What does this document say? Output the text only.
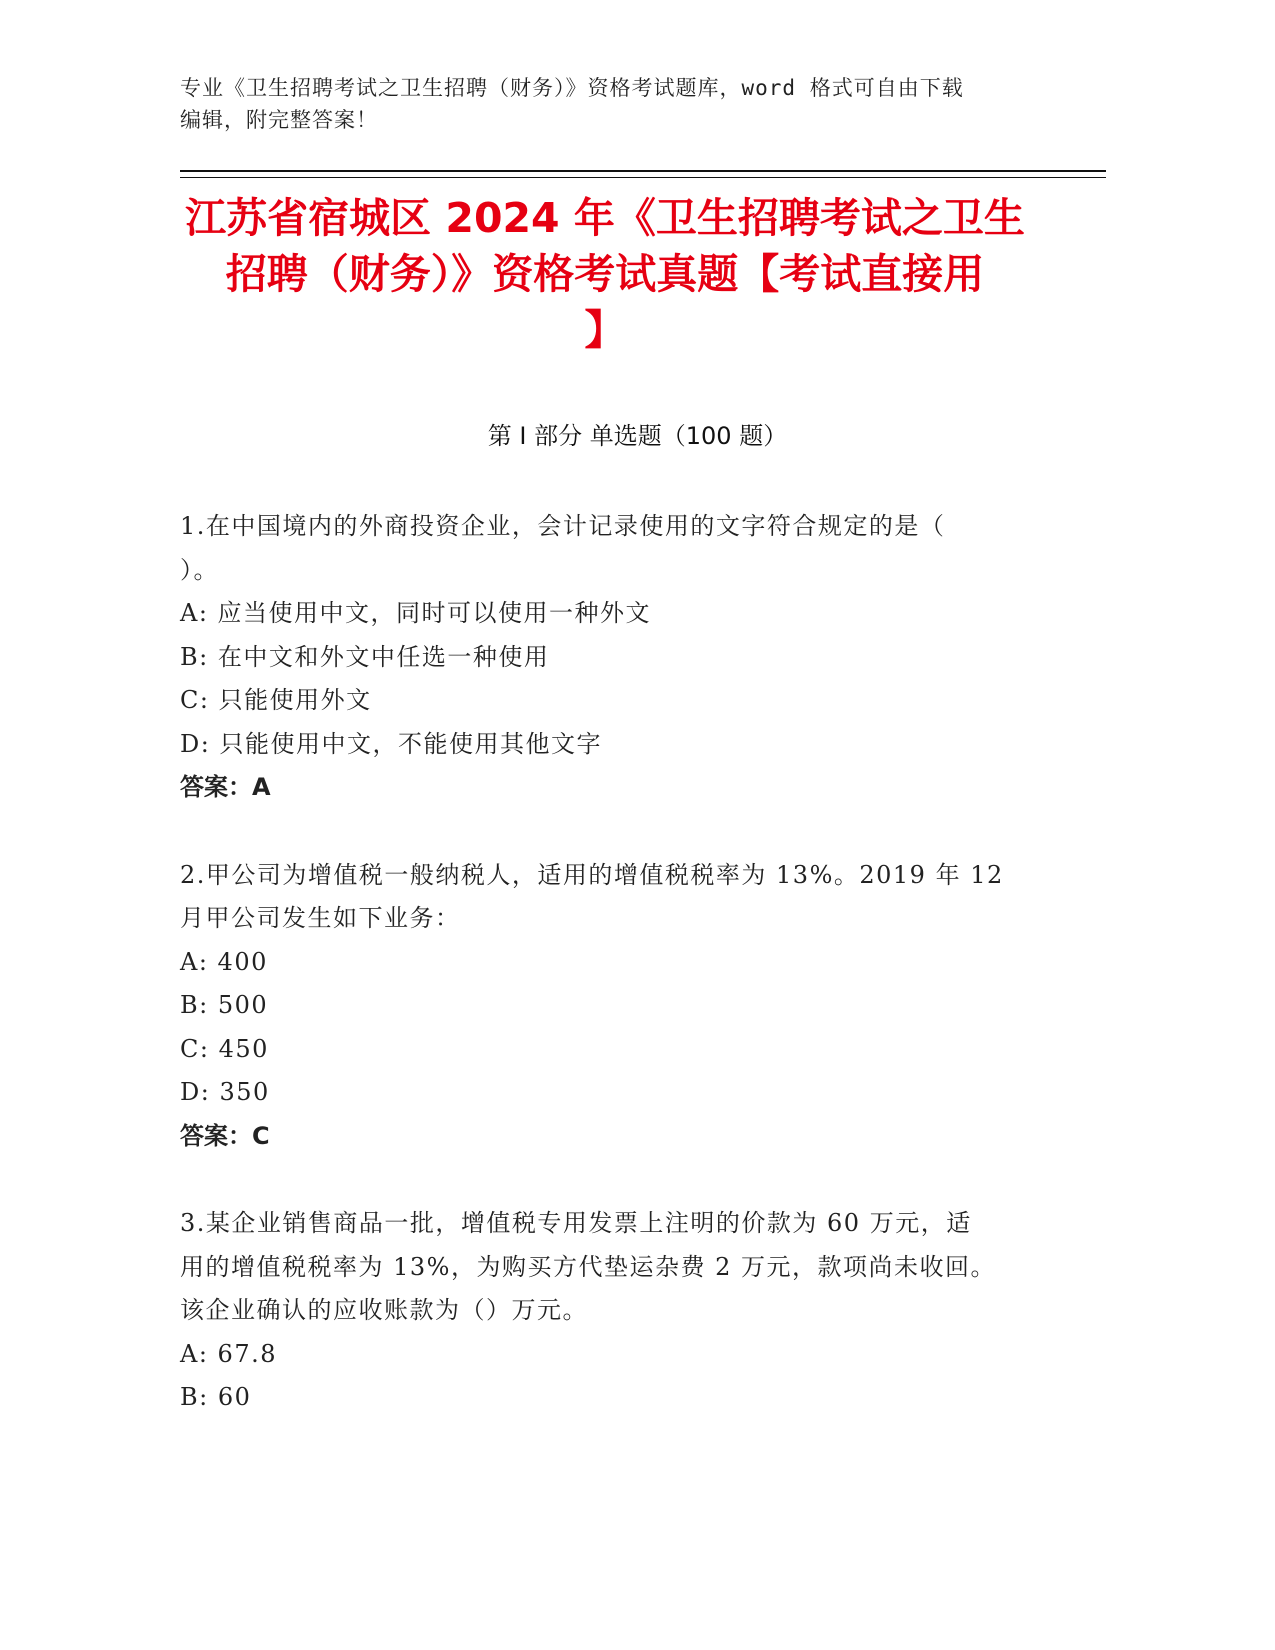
专业《卫生招聘考试之卫生招聘（财务）》资格考试题库，word 格式可自由下载
编辑，附完整答案！
江苏省宿城区 2024 年《卫生招聘考试之卫生
招聘（财务）》资格考试真题【考试直接用
】
第 I 部分 单选题（100 题）
1.在中国境内的外商投资企业，会计记录使用的文字符合规定的是（
）。
A: 应当使用中文，同时可以使用一种外文
B: 在中文和外文中任选一种使用
C: 只能使用外文
D: 只能使用中文，不能使用其他文字
答案：A
2.甲公司为增值税一般纳税人，适用的增值税税率为 13%。2019 年 12
月甲公司发生如下业务：
A: 400
B: 500
C: 450
D: 350
答案：C
3.某企业销售商品一批，增值税专用发票上注明的价款为 60 万元，适
用的增值税税率为 13%，为购买方代垫运杂费 2 万元，款项尚未收回。
该企业确认的应收账款为（）万元。
A: 67.8
B: 60
